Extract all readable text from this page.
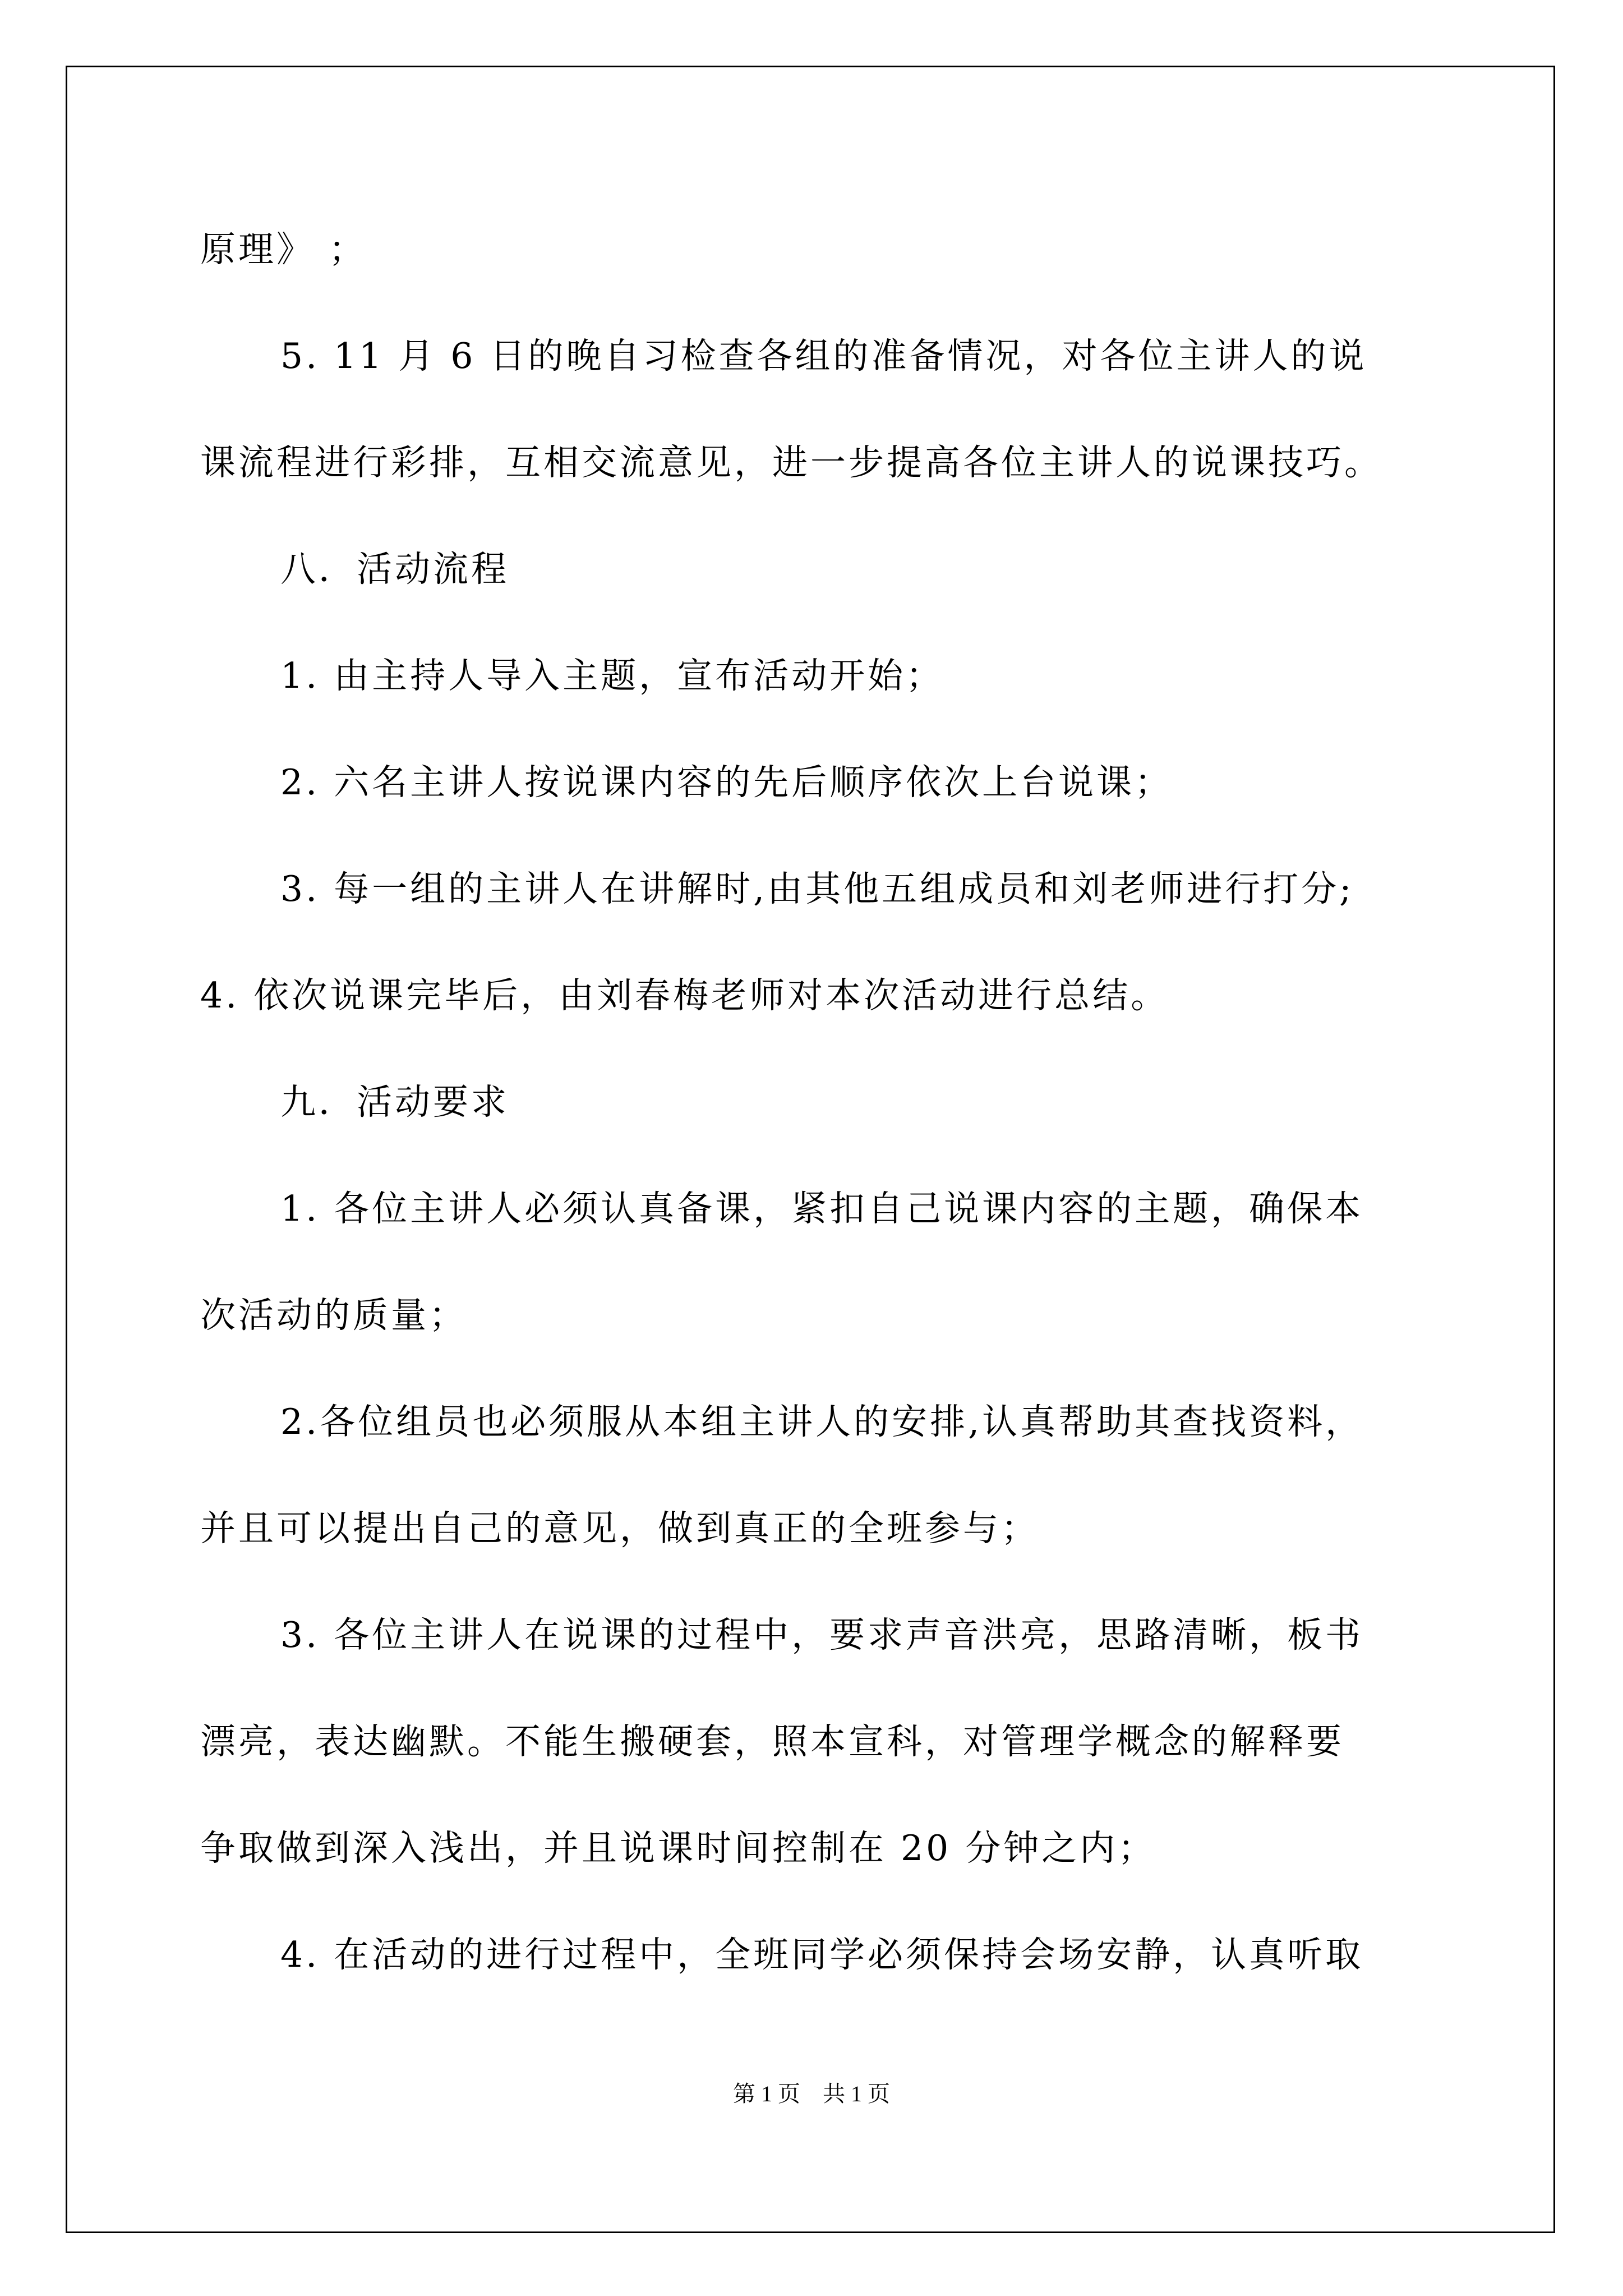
原理》 ；

5. 11 月 6 日的晚自习检查各组的准备情况，对各位主讲人的说

课流程进行彩排，互相交流意见，进一步提高各位主讲人的说课技巧。

八．活动流程

1. 由主持人导入主题，宣布活动开始；

2. 六名主讲人按说课内容的先后顺序依次上台说课；

3. 每一组的主讲人在讲解时,由其他五组成员和刘老师进行打分;

4. 依次说课完毕后，由刘春梅老师对本次活动进行总结。

九．活动要求

1. 各位主讲人必须认真备课，紧扣自己说课内容的主题，确保本

次活动的质量；

2.各位组员也必须服从本组主讲人的安排,认真帮助其查找资料，

并且可以提出自己的意见，做到真正的全班参与；

3. 各位主讲人在说课的过程中，要求声音洪亮，思路清晰，板书

漂亮，表达幽默。不能生搬硬套，照本宣科，对管理学概念的解释要

争取做到深入浅出，并且说课时间控制在 20 分钟之内；

4. 在活动的进行过程中，全班同学必须保持会场安静，认真听取

第 1 页　共 1 页
